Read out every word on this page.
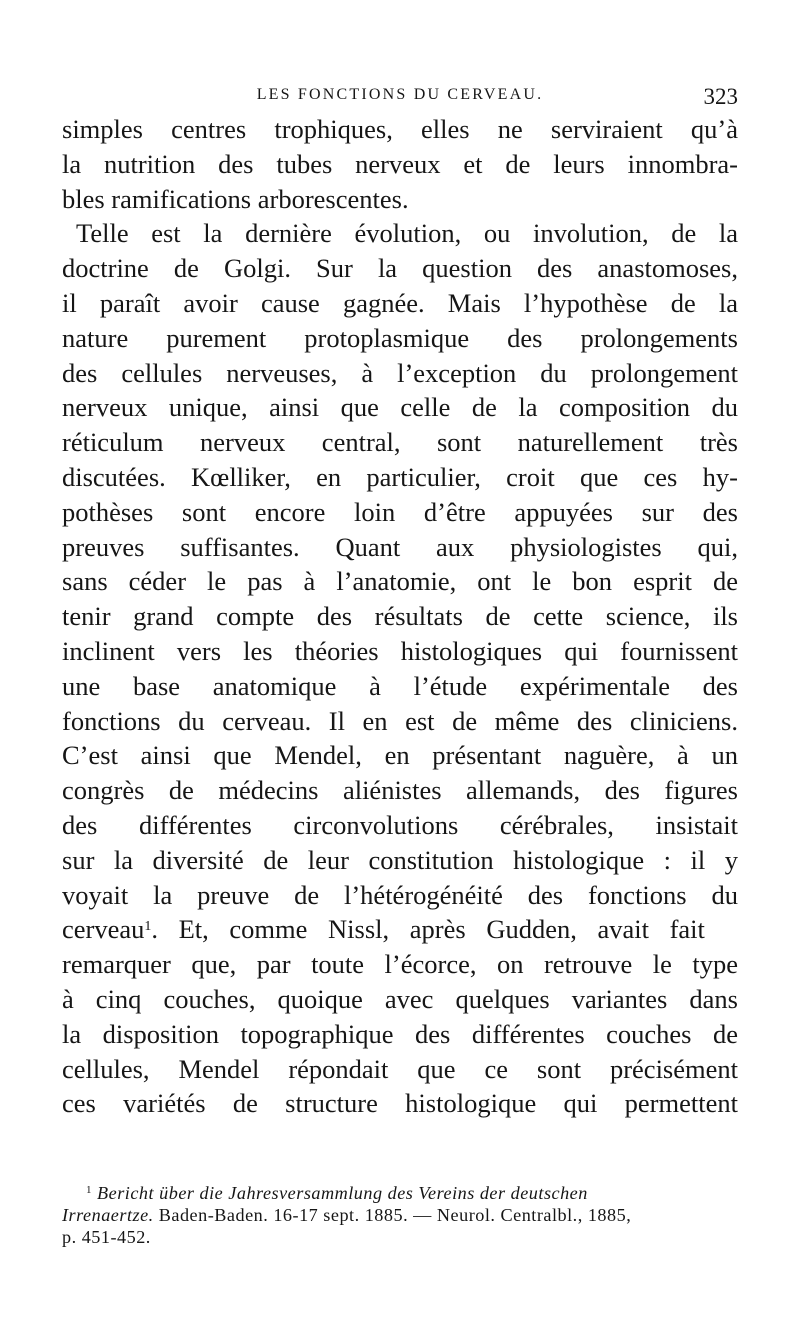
LES FONCTIONS DU CERVEAU.	323
simples centres trophiques, elles ne serviraient qu’à
la nutrition des tubes nerveux et de leurs innombra-
bles ramifications arborescentes.
Telle est la dernière évolution, ou involution, de la
doctrine de Golgi. Sur la question des anastomoses,
il paraît avoir cause gagnée. Mais l’hypothèse de la
nature purement protoplasmique des prolongements
des cellules nerveuses, à l’exception du prolongement
nerveux unique, ainsi que celle de la composition du
réticulum nerveux central, sont naturellement très
discutées. Kœlliker, en particulier, croit que ces hy-
pothèses sont encore loin d’être appuyées sur des
preuves suffisantes. Quant aux physiologistes qui,
sans céder le pas à l’anatomie, ont le bon esprit de
tenir grand compte des résultats de cette science, ils
inclinent vers les théories histologiques qui fournissent
une base anatomique à l’étude expérimentale des
fonctions du cerveau. Il en est de même des cliniciens.
C’est ainsi que Mendel, en présentant naguère, à un
congrès de médecins aliénistes allemands, des figures
des différentes circonvolutions cérébrales, insistait
sur la diversité de leur constitution histologique : il y
voyait la preuve de l’hétérogénéité des fonctions du
cerveau$^1$. Et, comme Nissl, après Gudden, avait fait
remarquer que, par toute l’écorce, on retrouve le type
à cinq couches, quoique avec quelques variantes dans
la disposition topographique des différentes couches de
cellules, Mendel répondait que ce sont précisément
ces variétés de structure histologique qui permettent
$^1$ Bericht über die Jahresversammlung des Vereins der deutschen
Irrenaertze. Baden-Baden. 16-17 sept. 1885. — Neurol. Centralbl., 1885,
p. 451-452.
